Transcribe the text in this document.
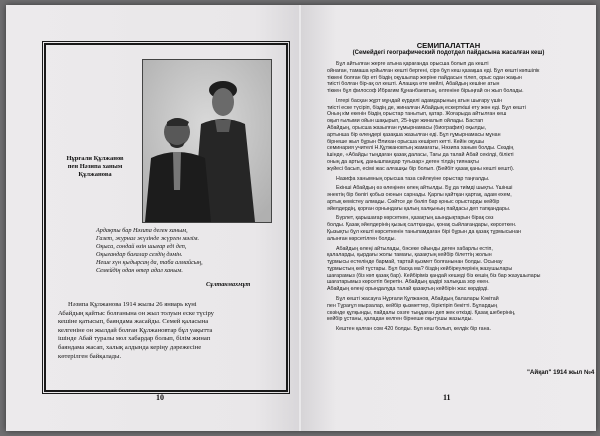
Нұрғали Құлжанов
пен Нәзипа ханым
Құлжанова
Ардақты бар Нәзипа деген ханым,
Газет, журнал жүзінде жүрген мәлім.
Оқыса, сондай өзін шығар еді деп,
Оқығандар бағалар сездің дәмін.
Неше хүн қыдырсаң да, таба алмайсың,
Семейдің одан өтер адал ханым.
Сұлтанмахмұт
Нәзипа Құлжанова 1914 жылы 26 январь күні
Абайдың қайтыс болғанына он жыл толуын еске түсіру
кешіне қатысып, баяндама жасайды. Семей қаласына
келгеніне он жылдай болған Құлжановтар бұл уақытта
ішінде Абай туралы мол хабардар болып, білім жинап
баяндама жасап, халық алдында керіңу дәрежесіне
көтерілген байқалады.
10
СЕМИПАЛАТТАН
(Семейдегі географический подотдел пайдасына жасалған кеш)
Бұл айтылған жерге атына қарағанда орысша болып да кешті
ойнаған, тамаша қойылған кешті бергені, сірә бұл кеш қазақша еді. Бұл кешті көпшілік
тіккені болған бір еті біздің оқушылар жеріне пайдасын тілеп, орыс одан жақын
тиісті болған бір-ақ ол кешті. Алашқа өте мейлі, Абайдың кешіне атын
тіккен бұл философ Ибрагим Құнанбаевтың, өлгеніне бірыңғай он жыл болады.
Ілгері басқан жұрт мұндай күрделі адамдарының атын шығару үшін
тиісті еске түсіріп, біздің де, жиналған Абайдың ескерткіші ету жөн еді. Бұл кешті
Оның кім екенін біздің орыстар танытып, қатар. Жоғарыда айтылған кеш
оқып ғылыми ойын шақырып, 25-інде жиналып ойлады. Бастап
Абайдың, орысша жазылған ғұмырнамасы (биография) оқылды,
артынша бір өлеңдері қазақша жазылған еді. Бұл ғұмырнамасы мұнан
бірнеше жыл бұрын Әлихан орысша кешіреп кетті. Кейін оқушы
семинария учителі Н.Құлжановтың жамағаты, Нәзипа ханым болды. Сөздің
ішінде, «Абайды тыңдаған қазақ даласы, Тағы да талай Абай секілді, білікті
оның да артық, данышпандар туғызар» деген тілдің тиянақты
жүйесі басып, есімі жас алғашқы бір болып. (Бейбіт қазақ қаны кешті кешті).
Назифа ханымның орысша таза сөйлеуіне орыстар таңғалды.
Екінші Абайдың өз өлеңінен өлең айтылды. Бұ да тиімді шықты. Үшінші
әнектің бір бөлігі қобыз оюнын сарнады. Қарлы қайтқан қартақ, адам ехем,
артық кемістеу алмады. Сөйтсе де бөліп бар қоныс орыстарды кейбір
әйелдердің, қорған орнындағы қалың халқының пайдасы деп тапқандары.
Бүрлет, қарышағар көрсеткен, қазақтың шындықтарын бірақ сөз
болды. Қазақ әйелдерінің қызық салтқанды, қонақ сыйлағандары, көрсеткен.
Қызықты бұл кешті көрсеткенін таныпамдаған бірі бұрын да қазақ тұрмысынан
алынған көрсетілген болды.
Абайдың өлеңі айтылады, бәсеке ойынды деген хабарлы естіп,
қалаларды, қырдағы жолы тамағы, қазақтың кейбір білеттің жолын
тұрмысы естелінде бармай, тартай қызмет болғанынан болды. Осынау
тұрмыстың кей тұстары. Бұл басқа ма? біздің кейбіреулерінің жазушылары
шағарамыз (біз көп қазақ бар). Кейбіріміз қандай кешеді біз кешің біз бар жазушылары
шағатарымыз көрсетіп беретін. Абайдың қадірі халықша зор екен.
Абайдың өлеңі орындалуда талай қазақтың кейбірін жас көрдірді.
Бұл кешті жасауға Нұрғали Құлжанов, Абайдың балалары Кәкітай
пен Тұрағұл мырзалар, кейбір қызметтер, біріктіріп бекітті. Бұлардың
сөзінде құлқынды, пайдалы сөзге тыңдаған деп жек өткізді. Қазақ шеберінің,
кейбір ұстаны, қаладан келген бірнеше оқытушы жазылды.
Кештен қалған сом 420 болды. Бұл кеш болып, келдік бір ғана.
"Айқап" 1914 жыл №4
11
